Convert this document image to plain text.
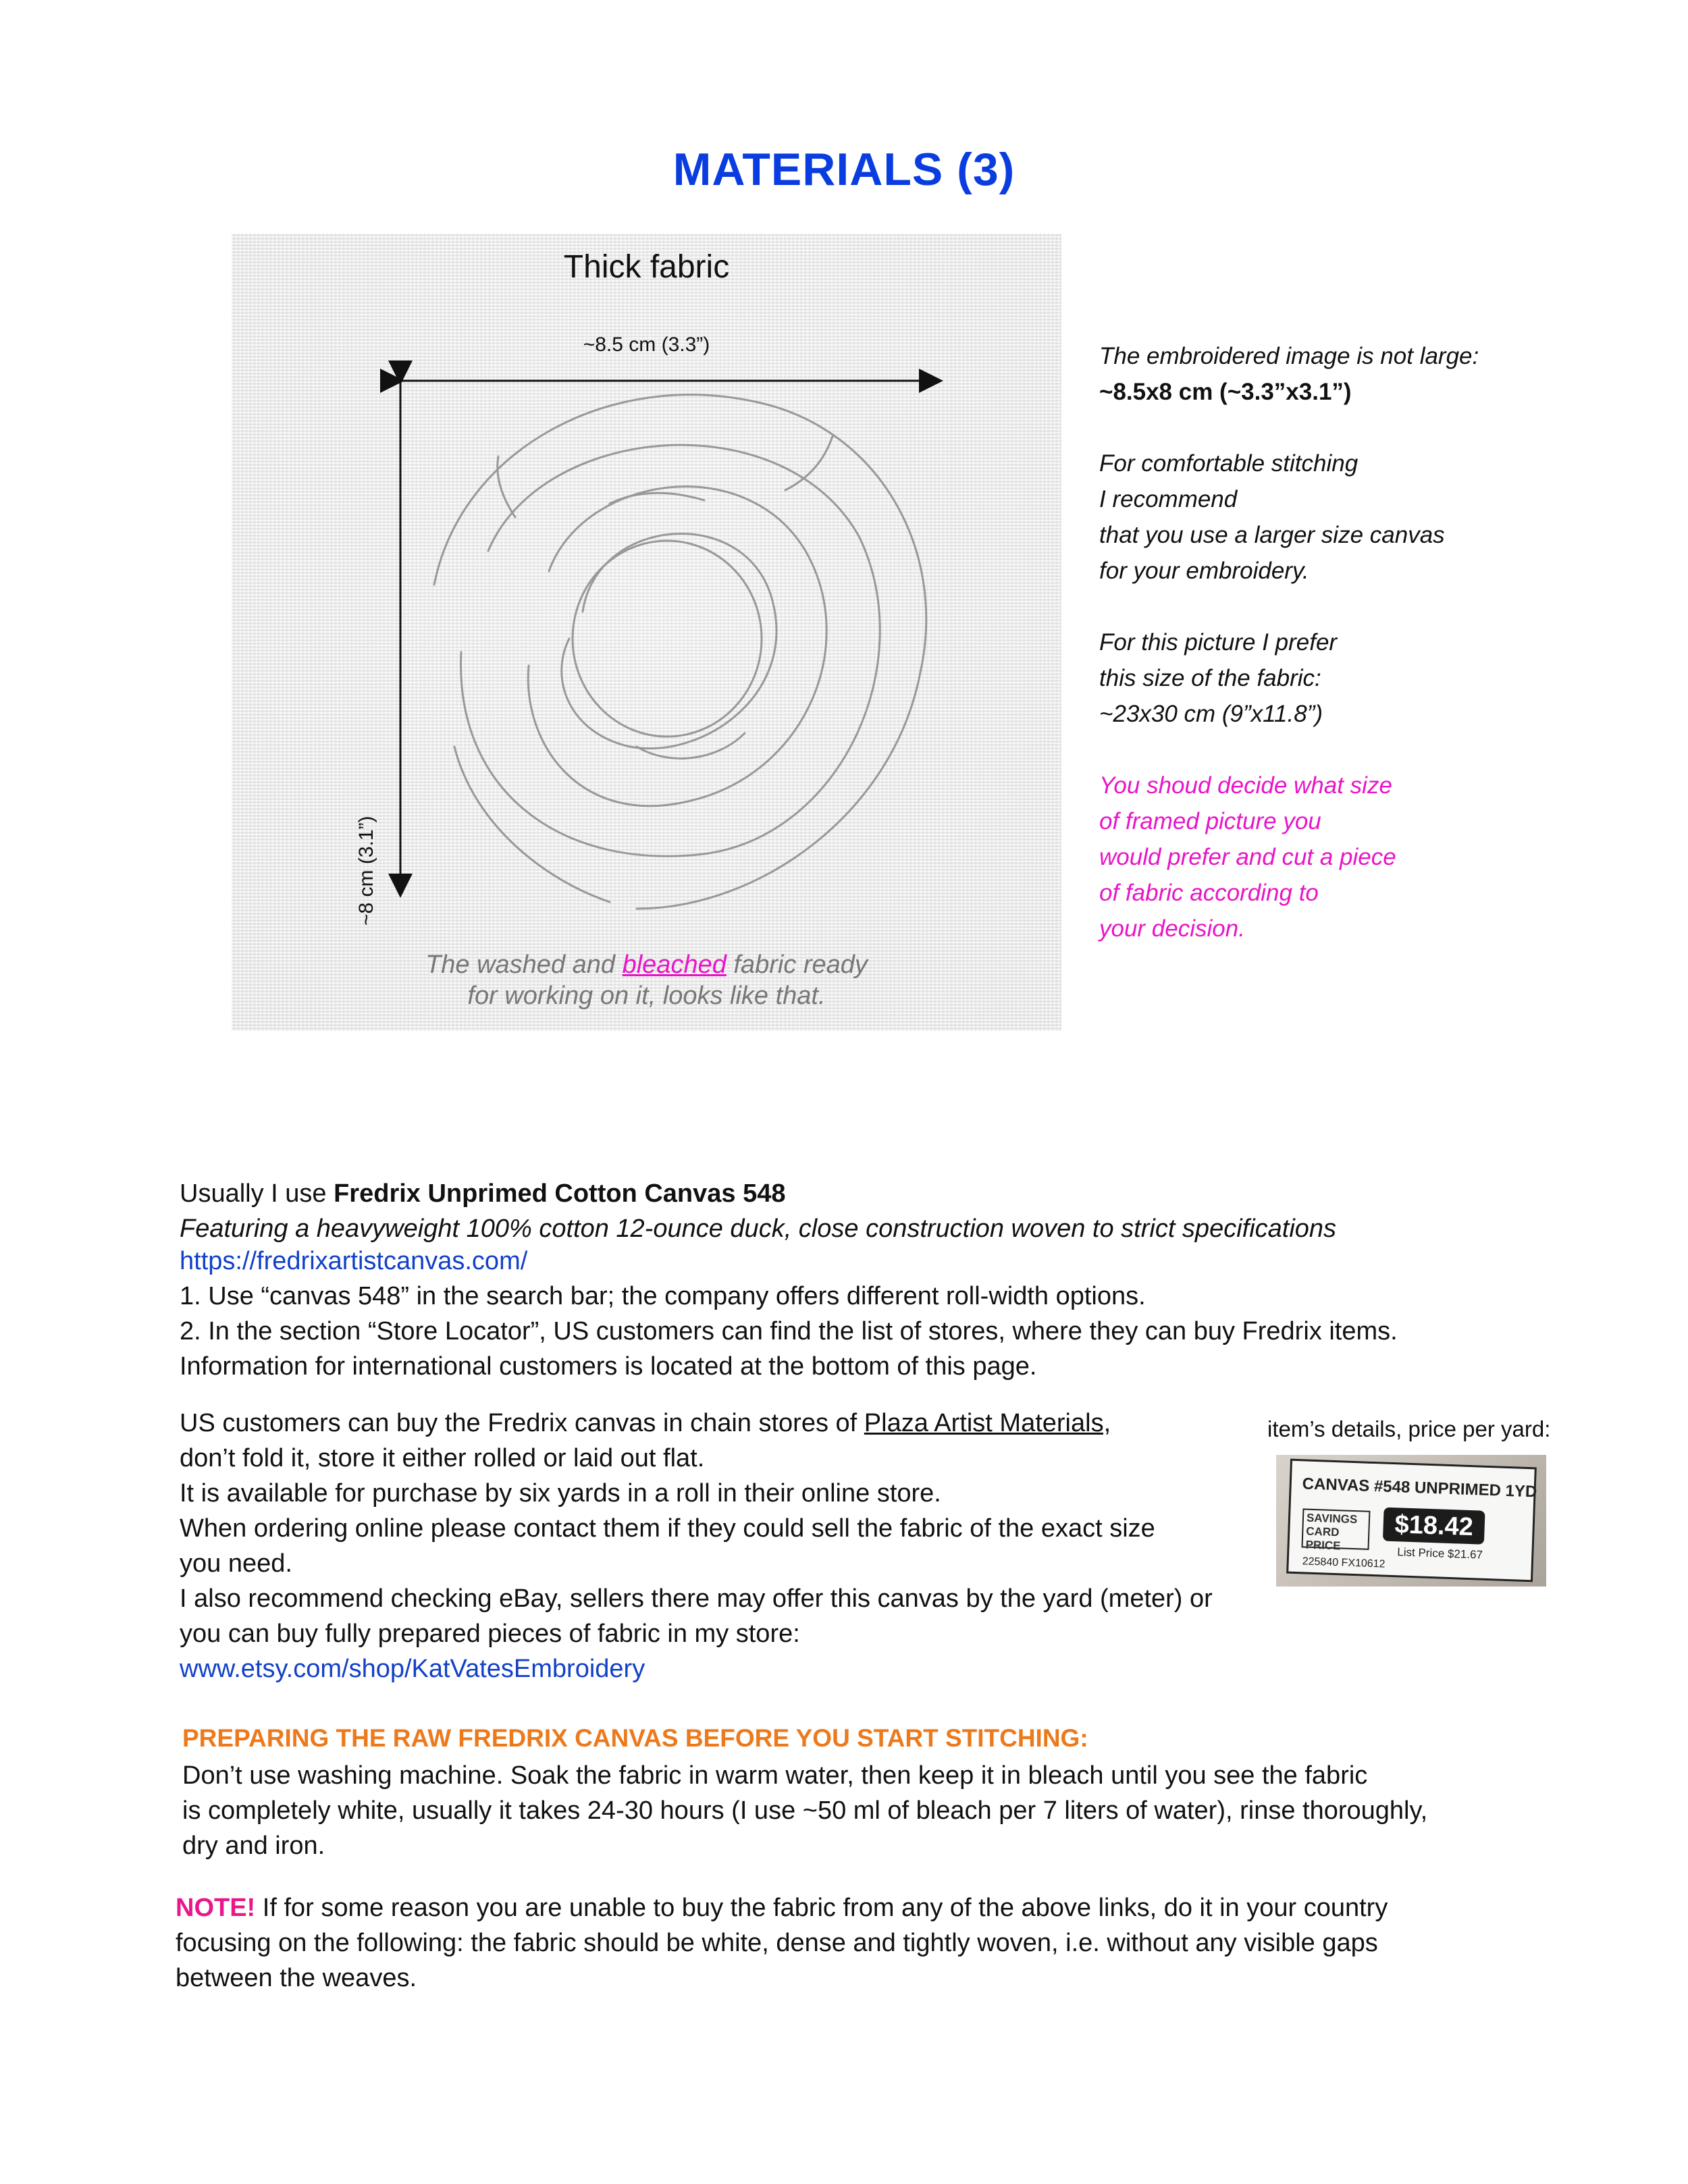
MATERIALS (3)
Thick fabric
~8.5 cm (3.3”)
~8 cm (3.1”)
The washed and bleached fabric ready
for working on it, looks like that.
The embroidered image is not large:
~8.5x8 cm (~3.3”x3.1”)
For comfortable stitching
I recommend
that you use a larger size canvas
for your embroidery.
For this picture I prefer
this size of the fabric:
~23x30 cm (9”x11.8”)
You shoud decide what size
of framed picture you
would prefer and cut a piece
of fabric according to
your decision.
Usually I use Fredrix Unprimed Cotton Canvas 548
Featuring a heavyweight 100% cotton 12-ounce duck, close construction woven to strict specifications
https://fredrixartistcanvas.com/
1. Use “canvas 548” in the search bar; the company offers different roll-width options.
2. In the section “Store Locator”, US customers can find the list of stores, where they can buy Fredrix items.
Information for international customers is located at the bottom of this page.
US customers can buy the Fredrix canvas in chain stores of Plaza Artist Materials,
don’t fold it, store it either rolled or laid out flat.
It is available for purchase by six yards in a roll in their online store.
When ordering online please contact them if they could sell the fabric of the exact size
you need.
I also recommend checking eBay, sellers there may offer this canvas by the yard (meter) or
you can buy fully prepared pieces of fabric in my store:
www.etsy.com/shop/KatVatesEmbroidery
item’s details, price per yard:
CANVAS #548 UNPRIMED 1YD
SAVINGS CARD PRICE
$18.42
List Price $21.67
225840 FX10612
PREPARING THE RAW FREDRIX CANVAS BEFORE YOU START STITCHING:
Don’t use washing machine. Soak the fabric in warm water, then keep it in bleach until you see the fabric
is completely white, usually it takes 24-30 hours (I use ~50 ml of bleach per 7 liters of water), rinse thoroughly,
dry and iron.
NOTE! If for some reason you are unable to buy the fabric from any of the above links, do it in your country
focusing on the following: the fabric should be white, dense and tightly woven, i.e. without any visible gaps
between the weaves.
